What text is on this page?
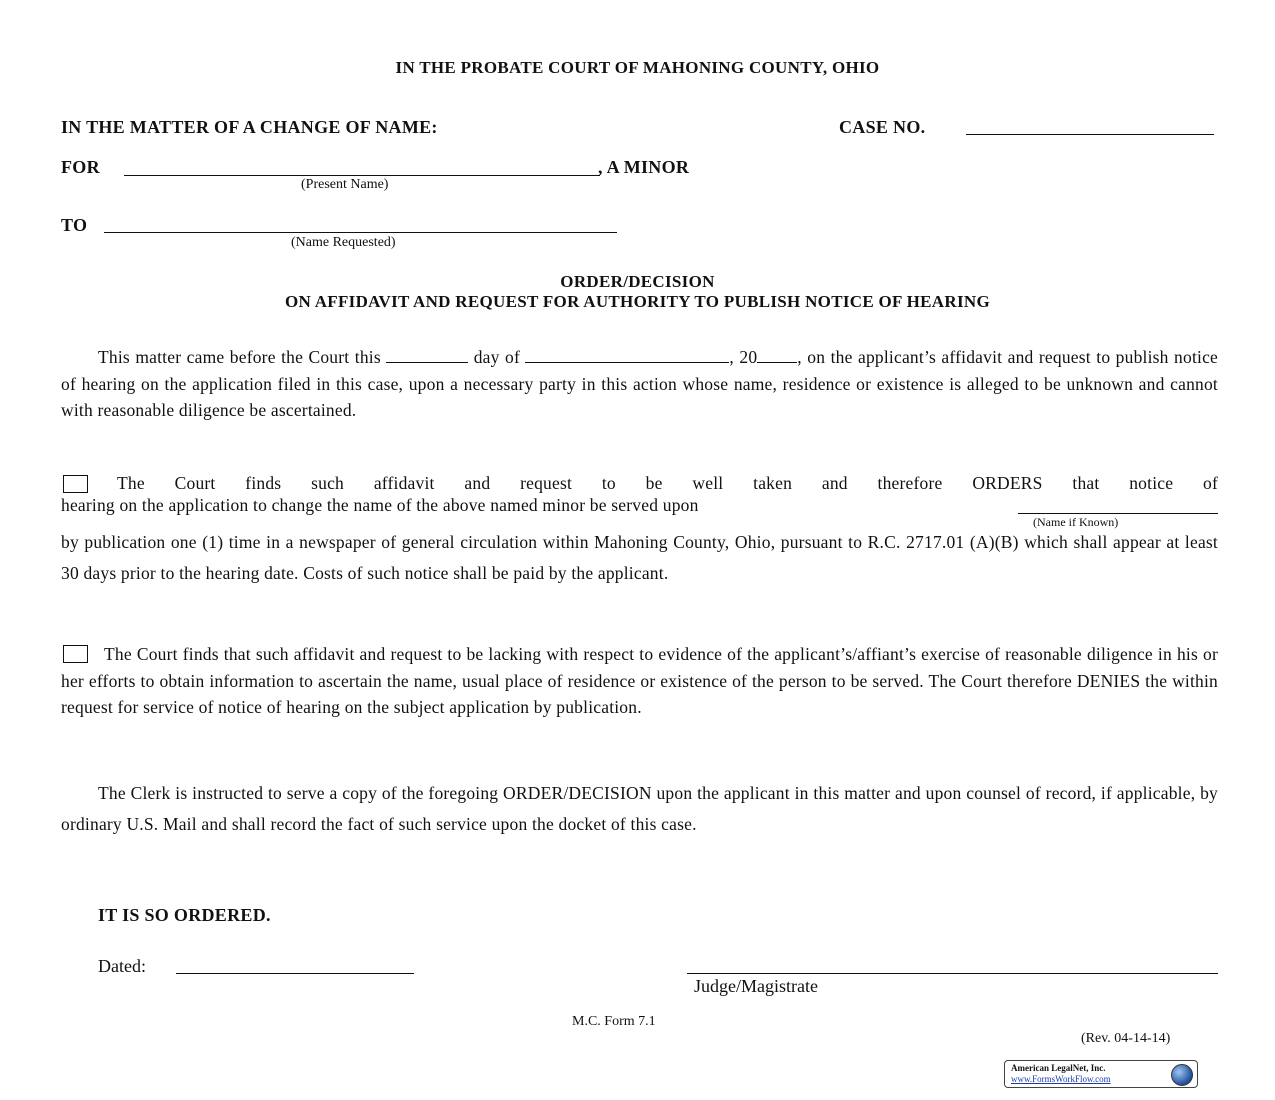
IN THE PROBATE COURT OF MAHONING COUNTY, OHIO
IN THE MATTER OF A CHANGE OF NAME:	CASE NO.
FOR	, A MINOR
(Present Name)
TO
(Name Requested)
ORDER/DECISION
ON AFFIDAVIT AND REQUEST FOR AUTHORITY TO PUBLISH NOTICE OF HEARING
This matter came before the Court this	day of	, 20 , on the applicant’s affidavit and request to publish notice of hearing on the application filed in this case, upon a necessary party in this action whose name, residence or existence is alleged to be unknown and cannot with reasonable diligence be ascertained.
The Court finds such affidavit and request to be well taken and therefore ORDERS that notice of
hearing on the application to change the name of the above named minor be served upon
(Name if Known)
by publication one (1) time in a newspaper of general circulation within Mahoning County, Ohio, pursuant to R.C. 2717.01 (A)(B) which shall appear at least 30 days prior to the hearing date. Costs of such notice shall be paid by the applicant.
The Court finds that such affidavit and request to be lacking with respect to evidence of the applicant’s/affiant’s exercise of reasonable diligence in his or her efforts to obtain information to ascertain the name, usual place of residence or existence of the person to be served. The Court therefore DENIES the within request for service of notice of hearing on the subject application by publication.
The Clerk is instructed to serve a copy of the foregoing ORDER/DECISION upon the applicant in this matter and upon counsel of record, if applicable, by ordinary U.S. Mail and shall record the fact of such service upon the docket of this case.
IT IS SO ORDERED.
Dated:
Judge/Magistrate
M.C. Form 7.1
(Rev. 04-14-14)
American LegalNet, Inc.
www.FormsWorkFlow.com
